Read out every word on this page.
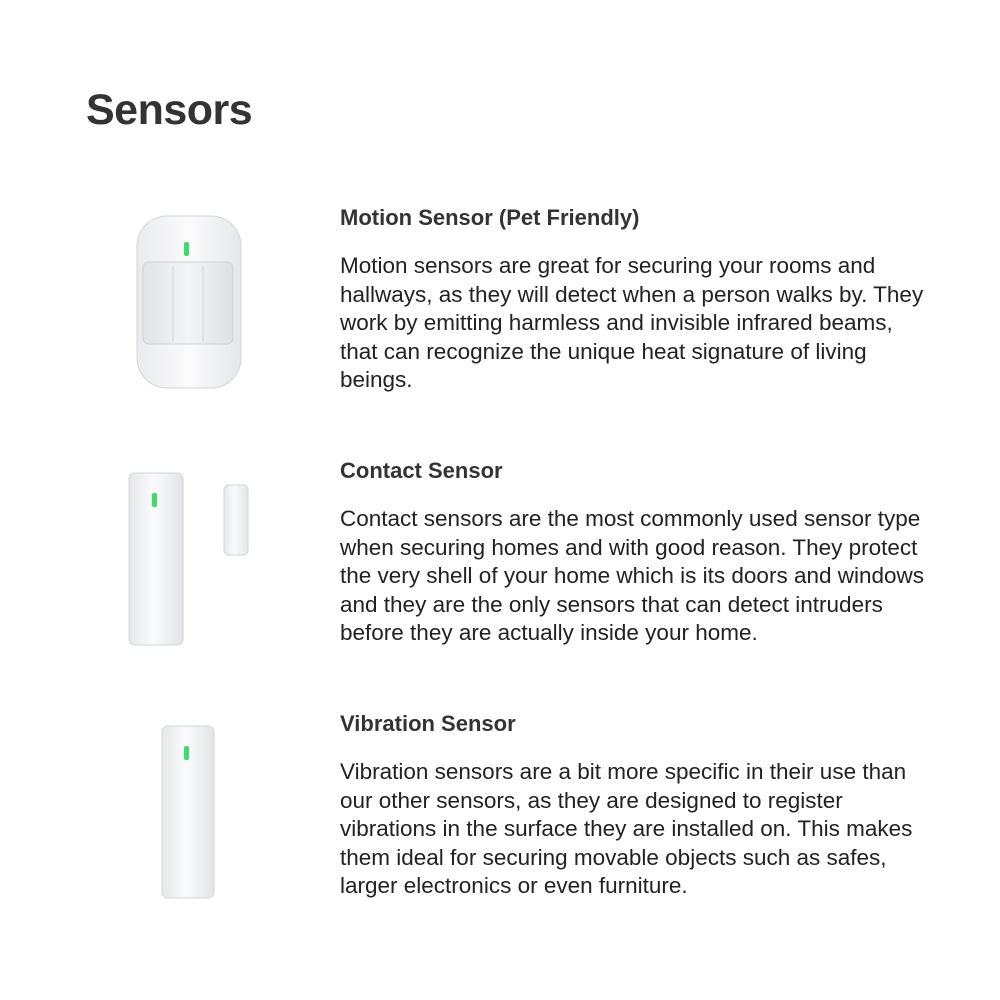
Sensors
Motion Sensor (Pet Friendly)

Motion sensors are great for securing your rooms and hallways, as they will detect when a person walks by. They work by emitting harmless and invisible infrared beams, that can recognize the unique heat signature of living beings.

Contact Sensor

Contact sensors are the most commonly used sensor type when securing homes and with good reason. They protect the very shell of your home which is its doors and windows and they are the only sensors that can detect intruders before they are actually inside your home.

Vibration Sensor

Vibration sensors are a bit more specific in their use than our other sensors, as they are designed to register vibrations in the surface they are installed on. This makes them ideal for securing movable objects such as safes, larger electronics or even furniture.
